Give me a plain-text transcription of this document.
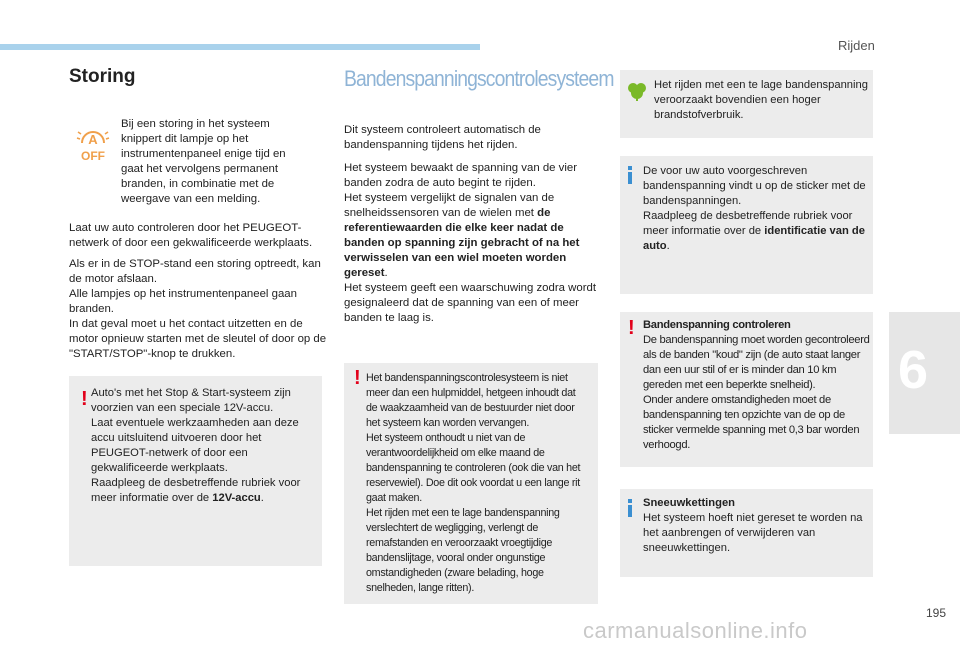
Rijden
6
195
carmanualsonline.info
Storing
A
OFF
Bij een storing in het systeem knippert dit lampje op het instrumentenpaneel enige tijd en gaat het vervolgens permanent branden, in combinatie met de weergave van een melding.

Laat uw auto controleren door het PEUGEOT-netwerk of door een gekwalificeerde werkplaats.

Als er in de STOP-stand een storing optreedt, kan de motor afslaan.
Alle lampjes op het instrumentenpaneel gaan branden.
In dat geval moet u het contact uitzetten en de motor opnieuw starten met de sleutel of door op de "START/STOP"-knop te drukken.

! Auto's met het Stop & Start-systeem zijn voorzien van een speciale 12V-accu.
Laat eventuele werkzaamheden aan deze accu uitsluitend uitvoeren door het PEUGEOT-netwerk of door een gekwalificeerde werkplaats.
Raadpleeg de desbetreffende rubriek voor meer informatie over de 12V-accu.
Bandenspanningscontrolesysteem

Dit systeem controleert automatisch de bandenspanning tijdens het rijden.

Het systeem bewaakt de spanning van de vier banden zodra de auto begint te rijden.
Het systeem vergelijkt de signalen van de snelheidssensoren van de wielen met de referentiewaarden die elke keer nadat de banden op spanning zijn gebracht of na het verwisselen van een wiel moeten worden gereset.
Het systeem geeft een waarschuwing zodra wordt gesignaleerd dat de spanning van een of meer banden te laag is.

! Het bandenspanningscontrolesysteem is niet meer dan een hulpmiddel, hetgeen inhoudt dat de waakzaamheid van de bestuurder niet door het systeem kan worden vervangen.
Het systeem onthoudt u niet van de verantwoordelijkheid om elke maand de bandenspanning te controleren (ook die van het reservewiel). Doe dit ook voordat u een lange rit gaat maken.
Het rijden met een te lage bandenspanning verslechtert de wegligging, verlengt de remafstanden en veroorzaakt vroegtijdige bandenslijtage, vooral onder ongunstige omstandigheden (zware belading, hoge snelheden, lange ritten).
Het rijden met een te lage bandenspanning veroorzaakt bovendien een hoger brandstofverbruik.
De voor uw auto voorgeschreven bandenspanning vindt u op de sticker met de bandenspanningen.
Raadpleeg de desbetreffende rubriek voor meer informatie over de identificatie van de auto.
! Bandenspanning controleren
De bandenspanning moet worden gecontroleerd als de banden "koud" zijn (de auto staat langer dan een uur stil of er is minder dan 10 km gereden met een beperkte snelheid).
Onder andere omstandigheden moet de bandenspanning ten opzichte van de op de sticker vermelde spanning met 0,3 bar worden verhoogd.
Sneeuwkettingen
Het systeem hoeft niet gereset te worden na het aanbrengen of verwijderen van sneeuwkettingen.
